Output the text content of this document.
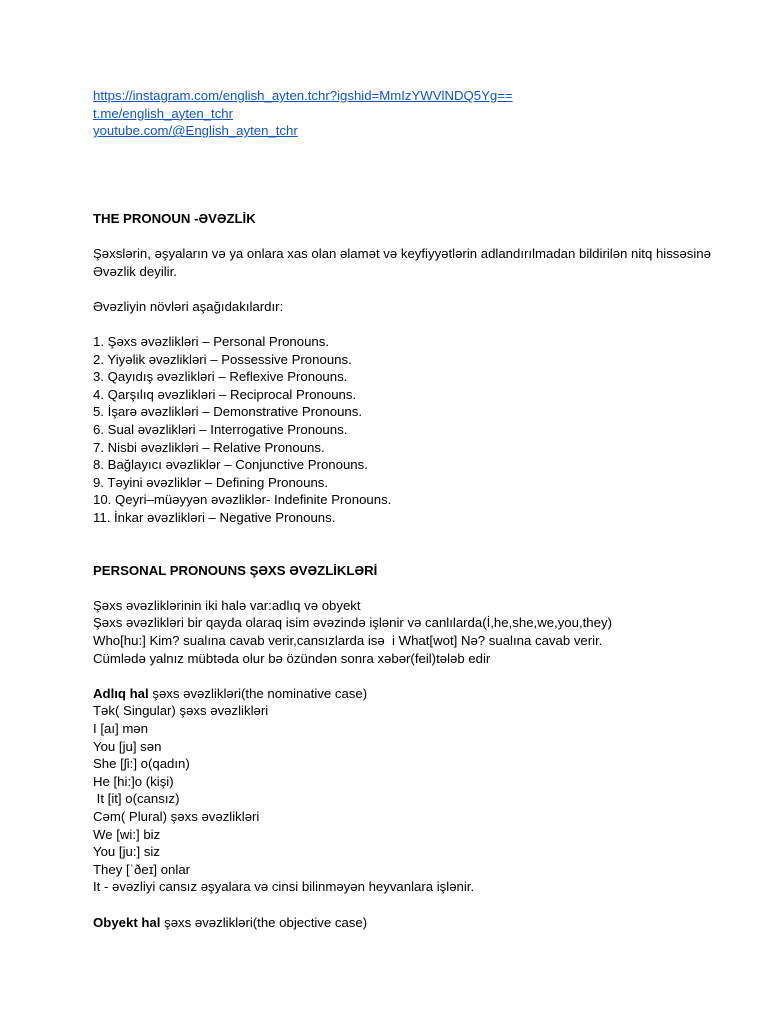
https://instagram.com/english_ayten.tchr?igshid=MmIzYWVlNDQ5Yg==
t.me/english_ayten_tchr
youtube.com/@English_ayten_tchr
THE PRONOUN -ƏVƏZLİK
Şəxslərin, əşyaların və ya onlara xas olan əlamət və keyfiyyətlərin adlandırılmadan bildirilən nitq hissəsinə Əvəzlik deyilir.
Əvəzliyin növləri aşağıdakılardır:
1. Şəxs əvəzlikləri – Personal Pronouns.
2. Yiyəlik əvəzlikləri – Possessive Pronouns.
3. Qayıdış əvəzlikləri – Reflexive Pronouns.
4. Qarşılıq əvəzlikləri – Reciprocal Pronouns.
5. İşarə əvəzlikləri – Demonstrative Pronouns.
6. Sual əvəzlikləri – Interrogative Pronouns.
7. Nisbi əvəzlikləri – Relative Pronouns.
8. Bağlayıcı əvəzliklər – Conjunctive Pronouns.
9. Təyini əvəzliklər – Defining Pronouns.
10. Qeyri–müəyyən əvəzliklər- Indefinite Pronouns.
11. İnkar əvəzlikləri – Negative Pronouns.
PERSONAL PRONOUNS ŞƏXS ƏVƏZLİKLƏRİ
Şəxs əvəzliklərinin iki halə var:adlıq və obyekt
Şəxs əvəzlikləri bir qayda olaraq isim əvəzində işlənir və canlılarda(İ,he,she,we,you,they)
Who[hu:] Kim? sualına cavab verir,cansızlarda isə  i What[wot] Nə? sualına cavab verir.
Cümlədə yalnız mübtəda olur bə özündən sonra xəbər(feil)tələb edir
Adlıq hal şəxs əvəzlikləri(the nominative case)
Tək( Singular) şəxs əvəzlikləri
I [aı] mən
You [ju] sən
She [ʃi:] o(qadın)
He [hi:]o (kişi)
It [it] o(cansız)
Cəm( Plural) şəxs əvəzlikləri
We [wi:] biz
You [ju:] siz
They [ˈðeɪ] onlar
It - əvəzliyi cansız əşyalara və cinsi bilinməyən heyvanlara işlənir.
Obyekt hal şəxs əvəzlikləri(the objective case)
